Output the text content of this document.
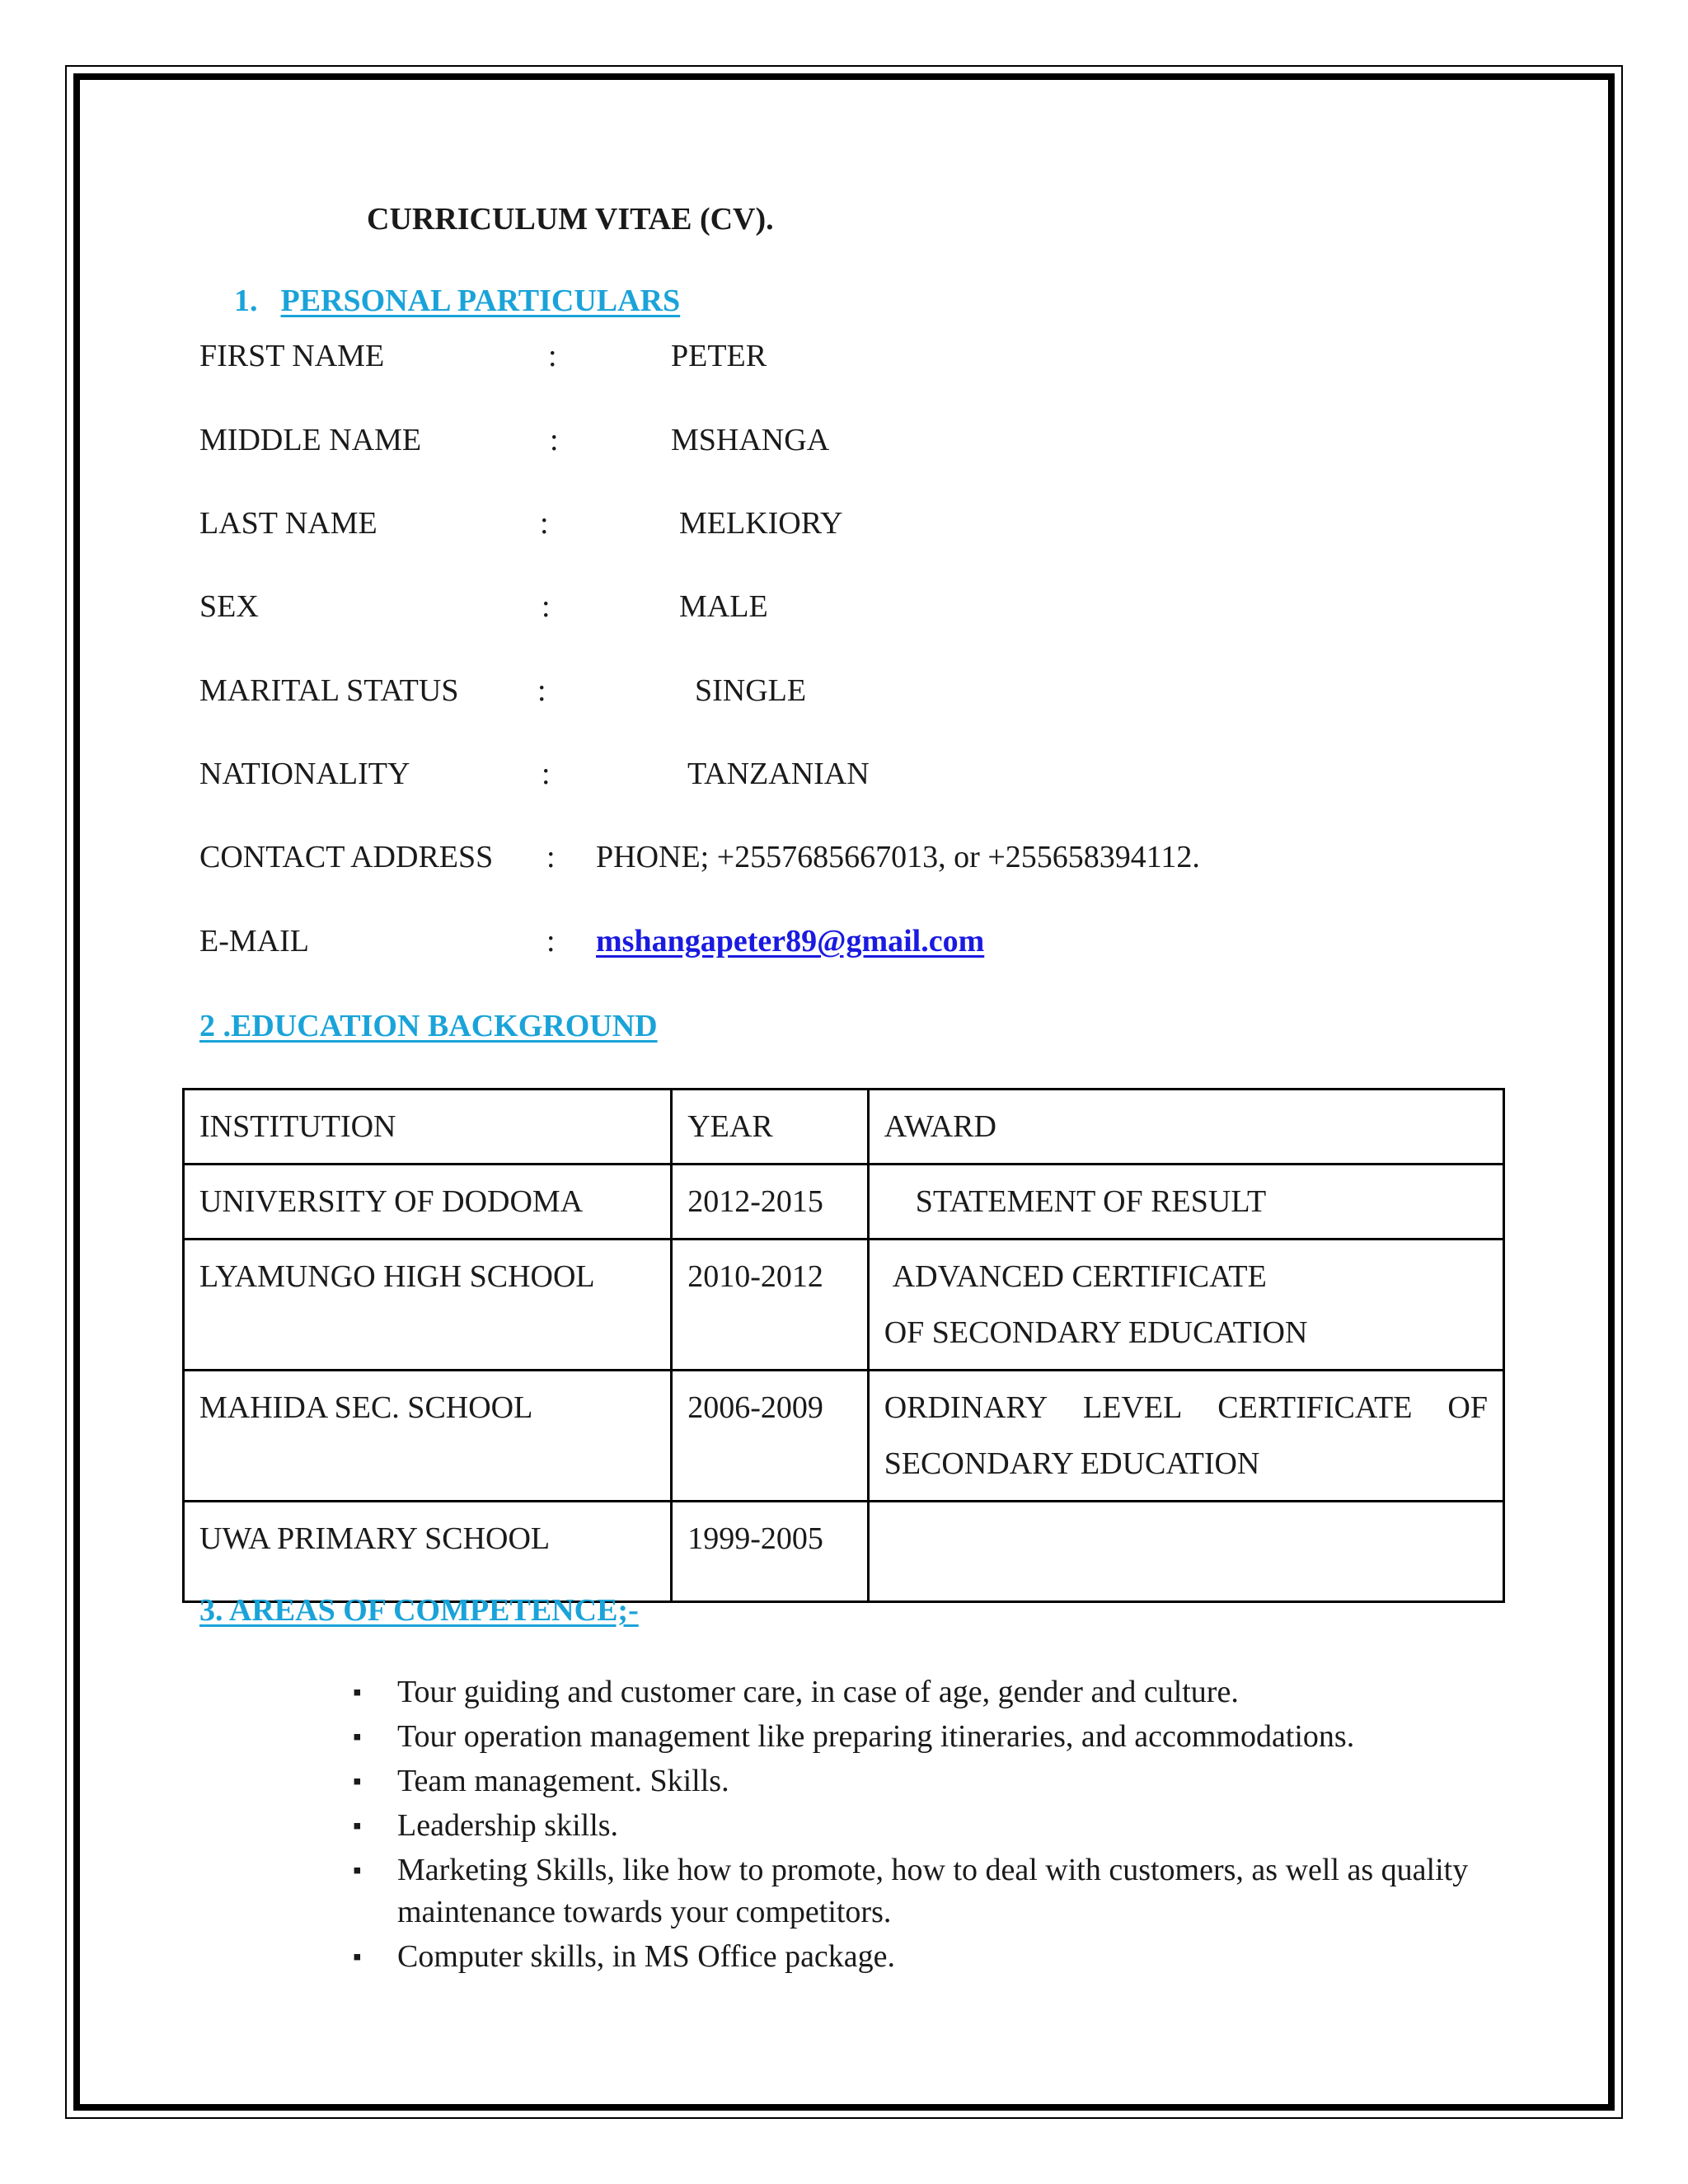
CURRICULUM VITAE (CV).
1. PERSONAL PARTICULARS
FIRST NAME	:	PETER
MIDDLE NAME	:	MSHANGA
LAST NAME	:	MELKIORY
SEX	:	MALE
MARITAL STATUS	:	SINGLE
NATIONALITY	:	TANZANIAN
CONTACT ADDRESS : PHONE; +2557685667013, or +255658394112.
E-MAIL	: mshangapeter89@gmail.com
2 .EDUCATION BACKGROUND
INSTITUTION	YEAR	AWARD
UNIVERSITY OF DODOMA	2012-2015	STATEMENT OF RESULT
LYAMUNGO HIGH SCHOOL	2010-2012	ADVANCED CERTIFICATE
OF SECONDARY EDUCATION

MAHIDA SEC. SCHOOL	2006-2009	ORDINARY LEVEL CERTIFICATE OF
SECONDARY EDUCATION

UWA PRIMARY SCHOOL	1999-2005	
3. AREAS OF COMPETENCE;-
▪ Tour guiding and customer care, in case of age, gender and culture.
▪ Tour operation management like preparing itineraries, and accommodations.
▪ Team management. Skills.
▪ Leadership skills.
▪ Marketing Skills, like how to promote, how to deal with customers, as well as quality maintenance towards your competitors.
▪ Computer skills, in MS Office package.
